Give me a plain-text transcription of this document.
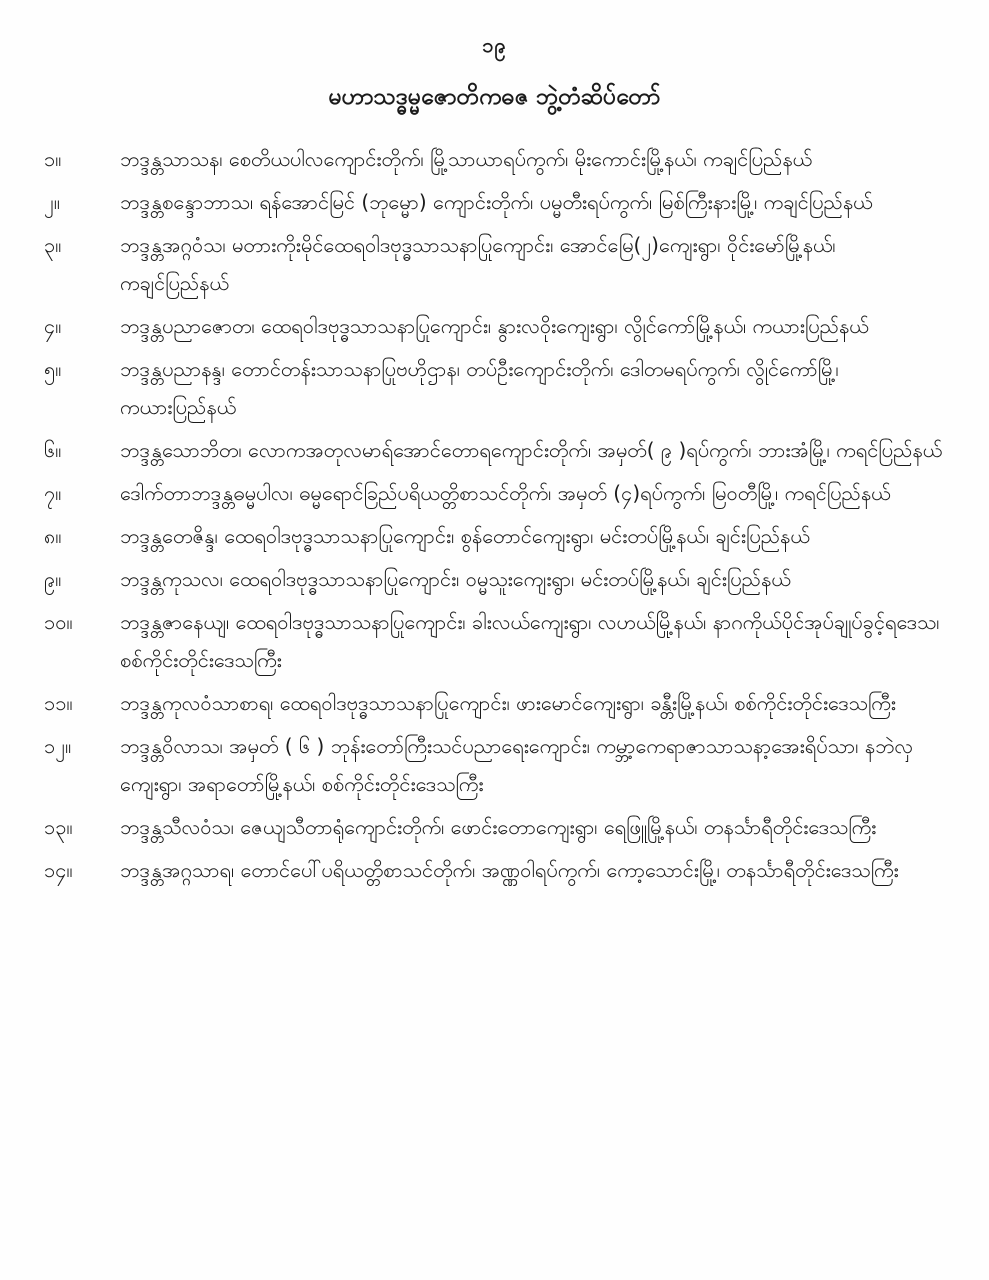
၁၉
မဟာသဒ္ဓမ္မဇောတိကဓဇ ဘွဲ့တံဆိပ်တော်
၁။	ဘဒ္ဒန္တသာသန၊ စေတိယပါလကျောင်းတိုက်၊ မြို့သာယာရပ်ကွက်၊ မိုးကောင်းမြို့နယ်၊ ကချင်ပြည်နယ်
၂။	ဘဒ္ဒန္တစန္ဒောဘာသ၊ ရန်အောင်မြင် (ဘုမ္မော) ကျောင်းတိုက်၊ ပမ္မတီးရပ်ကွက်၊ မြစ်ကြီးနားမြို့၊ ကချင်ပြည်နယ်
၃။	ဘဒ္ဒန္တအဂ္ဂဝံသ၊ မတားကိုးမိုင်ထေရဝါဒဗုဒ္ဓသာသနာပြုကျောင်း၊ အောင်မြေ(၂)ကျေးရွာ၊ ဝိုင်းမော်မြို့နယ်၊ ကချင်ပြည်နယ်
၄။	ဘဒ္ဒန္တပညာဇောတ၊ ထေရဝါဒဗုဒ္ဓသာသနာပြုကျောင်း၊ နွားလဝိုးကျေးရွာ၊ လွိုင်ကော်မြို့နယ်၊ ကယားပြည်နယ်
၅။	ဘဒ္ဒန္တပညာနန္ဒ၊ တောင်တန်းသာသနာပြုဗဟိုဌာန၊ တပ်ဦးကျောင်းတိုက်၊ ဒေါတမရပ်ကွက်၊ လွိုင်ကော်မြို့၊ ကယားပြည်နယ်
၆။	ဘဒ္ဒန္တသောဘိတ၊ လောကအတုလမာရ်အောင်တောရကျောင်းတိုက်၊ အမှတ်( ၉ )ရပ်ကွက်၊ ဘားအံမြို့၊ ကရင်ပြည်နယ်
၇။	ဒေါက်တာဘဒ္ဒန္တဓမ္မပါလ၊ ဓမ္မရောင်ခြည်ပရိယတ္တိစာသင်တိုက်၊ အမှတ် (၄)ရပ်ကွက်၊ မြဝတီမြို့၊ ကရင်ပြည်နယ်
၈။	ဘဒ္ဒန္တတေဇိန္ဒ၊ ထေရဝါဒဗုဒ္ဓသာသနာပြုကျောင်း၊ စွန်တောင်ကျေးရွာ၊ မင်းတပ်မြို့နယ်၊ ချင်းပြည်နယ်
၉။	ဘဒ္ဒန္တကုသလ၊ ထေရဝါဒဗုဒ္ဓသာသနာပြုကျောင်း၊ ဝမ္မသူးကျေးရွာ၊ မင်းတပ်မြို့နယ်၊ ချင်းပြည်နယ်
၁၀။	ဘဒ္ဒန္တဇာနေယျ၊ ထေရဝါဒဗုဒ္ဓသာသနာပြုကျောင်း၊ ခါးလယ်ကျေးရွာ၊ လဟယ်မြို့နယ်၊ နာဂကိုယ်ပိုင်အုပ်ချုပ်ခွင့်ရဒေသ၊ စစ်ကိုင်းတိုင်းဒေသကြီး
၁၁။	ဘဒ္ဒန္တကုလဝံသာစာရ၊ ထေရဝါဒဗုဒ္ဓသာသနာပြုကျောင်း၊ ဖားမောင်ကျေးရွာ၊ ခန္တီးမြို့နယ်၊ စစ်ကိုင်းတိုင်းဒေသကြီး
၁၂။	ဘဒ္ဒန္တဝိလာသ၊ အမှတ် ( ၆ ) ဘုန်းတော်ကြီးသင်ပညာရေးကျောင်း၊ ကမ္ဘာ့ကေရာဇာသာသနာ့အေးရိပ်သာ၊ နဘဲလှကျေးရွာ၊ အရာတော်မြို့နယ်၊ စစ်ကိုင်းတိုင်းဒေသကြီး
၁၃။	ဘဒ္ဒန္တသီလဝံသ၊ ဇေယျသီတာရုံကျောင်းတိုက်၊ ဖောင်းတောကျေးရွာ၊ ရေဖြူမြို့နယ်၊ တနင်္သာရီတိုင်းဒေသကြီး
၁၄။	ဘဒ္ဒန္တအဂ္ဂသာရ၊ တောင်ပေါ်ပရိယတ္တိစာသင်တိုက်၊ အဏ္ဏဝါရပ်ကွက်၊ ကော့သောင်းမြို့၊ တနင်္သာရီတိုင်းဒေသကြီး
